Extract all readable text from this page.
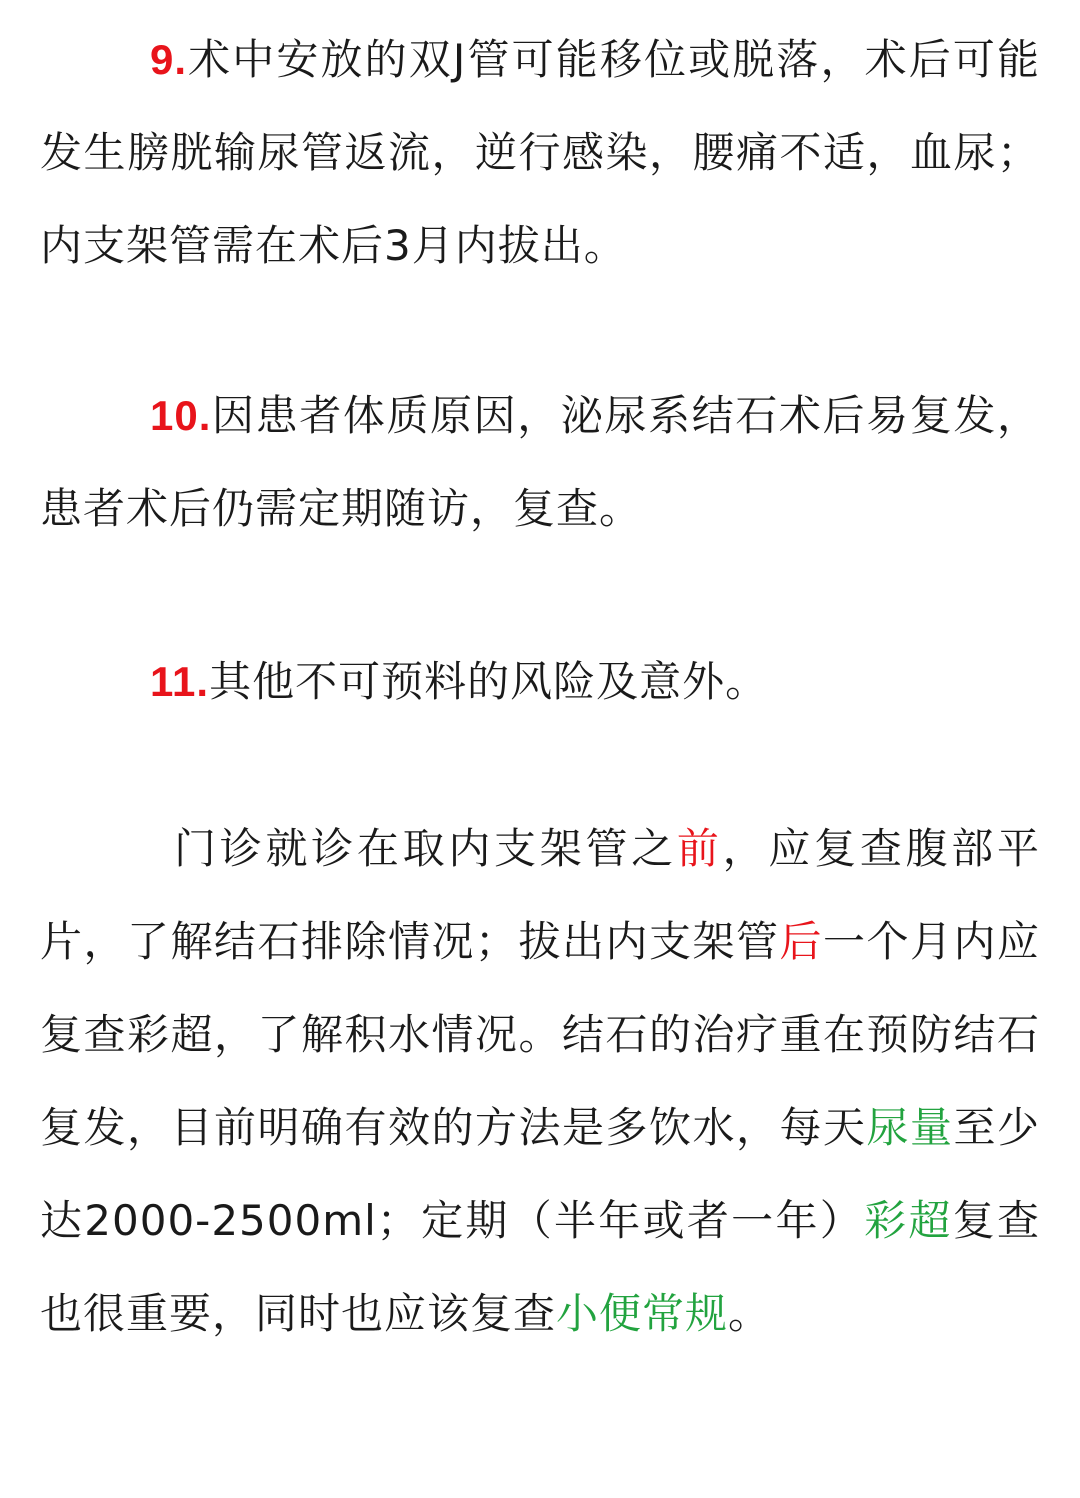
9.术中安放的双J管可能移位或脱落，术后可能发生膀胱输尿管返流，逆行感染，腰痛不适，血尿；内支架管需在术后3月内拔出。

10.因患者体质原因，泌尿系结石术后易复发，患者术后仍需定期随访，复查。

11.其他不可预料的风险及意外。

门诊就诊在取内支架管之前，应复查腹部平片，了解结石排除情况；拔出内支架管后一个月内应复查彩超，了解积水情况。结石的治疗重在预防结石复发，目前明确有效的方法是多饮水，每天尿量至少达2000-2500ml；定期（半年或者一年）彩超复查也很重要，同时也应该复查小便常规。
